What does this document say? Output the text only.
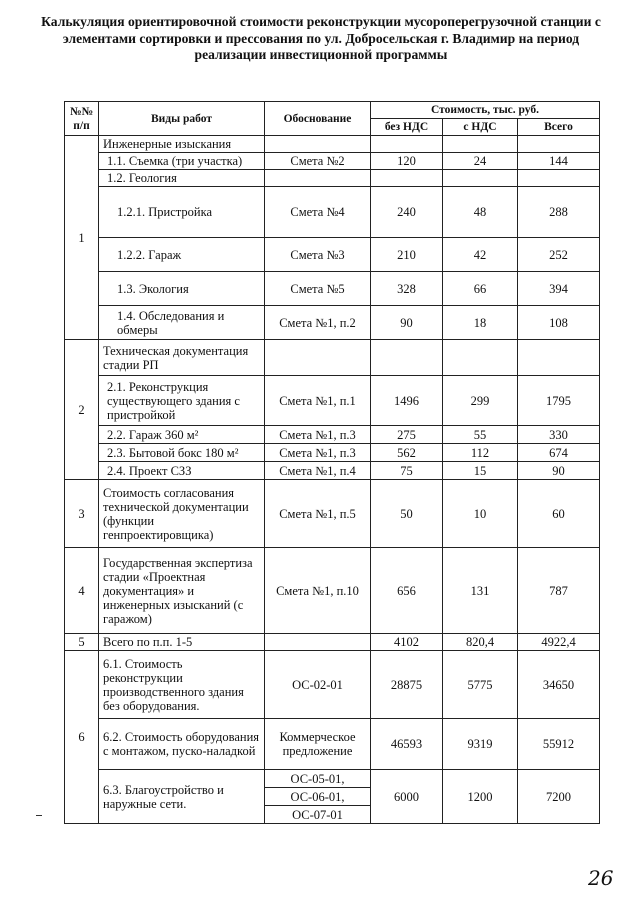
Калькуляция ориентировочной стоимости реконструкции мусороперегрузочной станции с элементами сортировки и прессования по ул. Добросельская г. Владимир на период реализации инвестиционной программы
№№ п/п	Виды работ	Обоснование	Стоимость, тыс. руб.		
			без НДС	с НДС	Всего
1	Инженерные изыскания				
	1.1. Съемка (три участка)	Смета №2	120	24	144
	1.2. Геология				
	1.2.1. Пристройка	Смета №4	240	48	288
	1.2.2. Гараж	Смета №3	210	42	252
	1.3. Экология	Смета №5	328	66	394
	1.4. Обследования и обмеры	Смета №1, п.2	90	18	108
2	Техническая документация стадии РП				
	2.1. Реконструкция существующего здания с пристройкой	Смета №1, п.1	1496	299	1795
	2.2. Гараж 360 м²	Смета №1, п.3	275	55	330
	2.3. Бытовой бокс 180 м²	Смета №1, п.3	562	112	674
	2.4. Проект СЗЗ	Смета №1, п.4	75	15	90
3	Стоимость согласования технической документации (функции генпроектировщика)	Смета №1, п.5	50	10	60
4	Государственная экспертиза стадии «Проектная документация» и инженерных изысканий (с гаражом)	Смета №1, п.10	656	131	787
5	Всего по п.п. 1-5		4102	820,4	4922,4
6	6.1. Стоимость реконструкции производственного здания без оборудования.	ОС-02-01	28875	5775	34650
	6.2. Стоимость оборудования с монтажом, пуско-наладкой	Коммерческое предложение	46593	9319	55912
	6.3. Благоустройство и наружные сети.	ОС-05-01,	6000	1200	7200
		ОС-06-01,			
		ОС-07-01			
26
